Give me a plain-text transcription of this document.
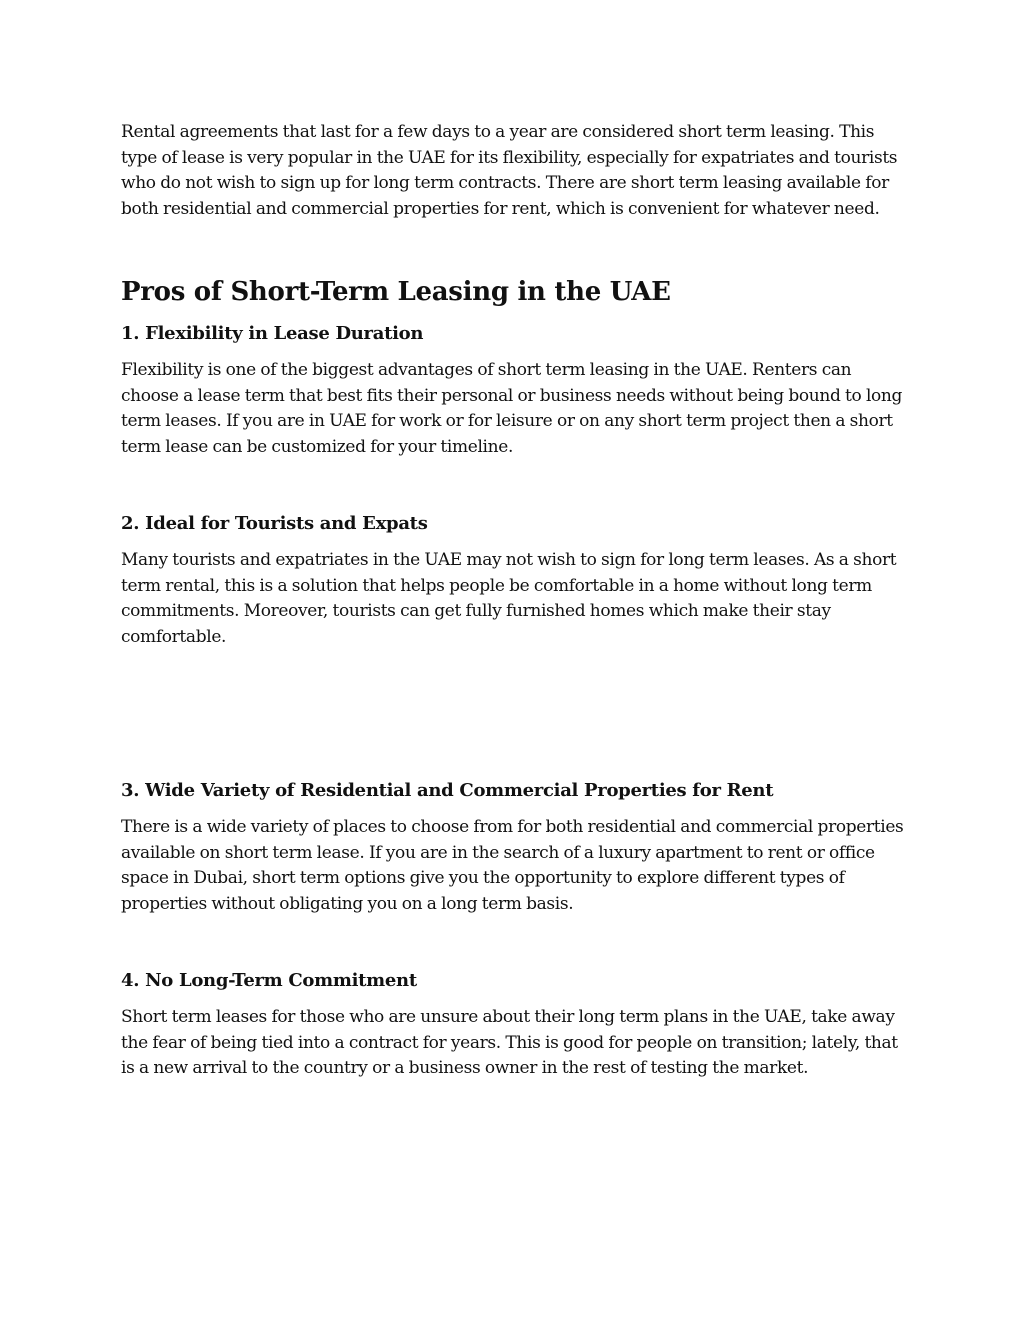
Rental agreements that last for a few days to a year are considered short term leasing. This type of lease is very popular in the UAE for its flexibility, especially for expatriates and tourists who do not wish to sign up for long term contracts. There are short term leasing available for both residential and commercial properties for rent, which is convenient for whatever need.

Pros of Short-Term Leasing in the UAE
1. Flexibility in Lease Duration

Flexibility is one of the biggest advantages of short term leasing in the UAE. Renters can choose a lease term that best fits their personal or business needs without being bound to long term leases. If you are in UAE for work or for leisure or on any short term project then a short term lease can be customized for your timeline.

2. Ideal for Tourists and Expats

Many tourists and expatriates in the UAE may not wish to sign for long term leases. As a short term rental, this is a solution that helps people be comfortable in a home without long term commitments. Moreover, tourists can get fully furnished homes which make their stay comfortable.

3. Wide Variety of Residential and Commercial Properties for Rent

There is a wide variety of places to choose from for both residential and commercial properties available on short term lease. If you are in the search of a luxury apartment to rent or office space in Dubai, short term options give you the opportunity to explore different types of properties without obligating you on a long term basis.

4. No Long-Term Commitment

Short term leases for those who are unsure about their long term plans in the UAE, take away the fear of being tied into a contract for years. This is good for people on transition; lately, that is a new arrival to the country or a business owner in the rest of testing the market.
